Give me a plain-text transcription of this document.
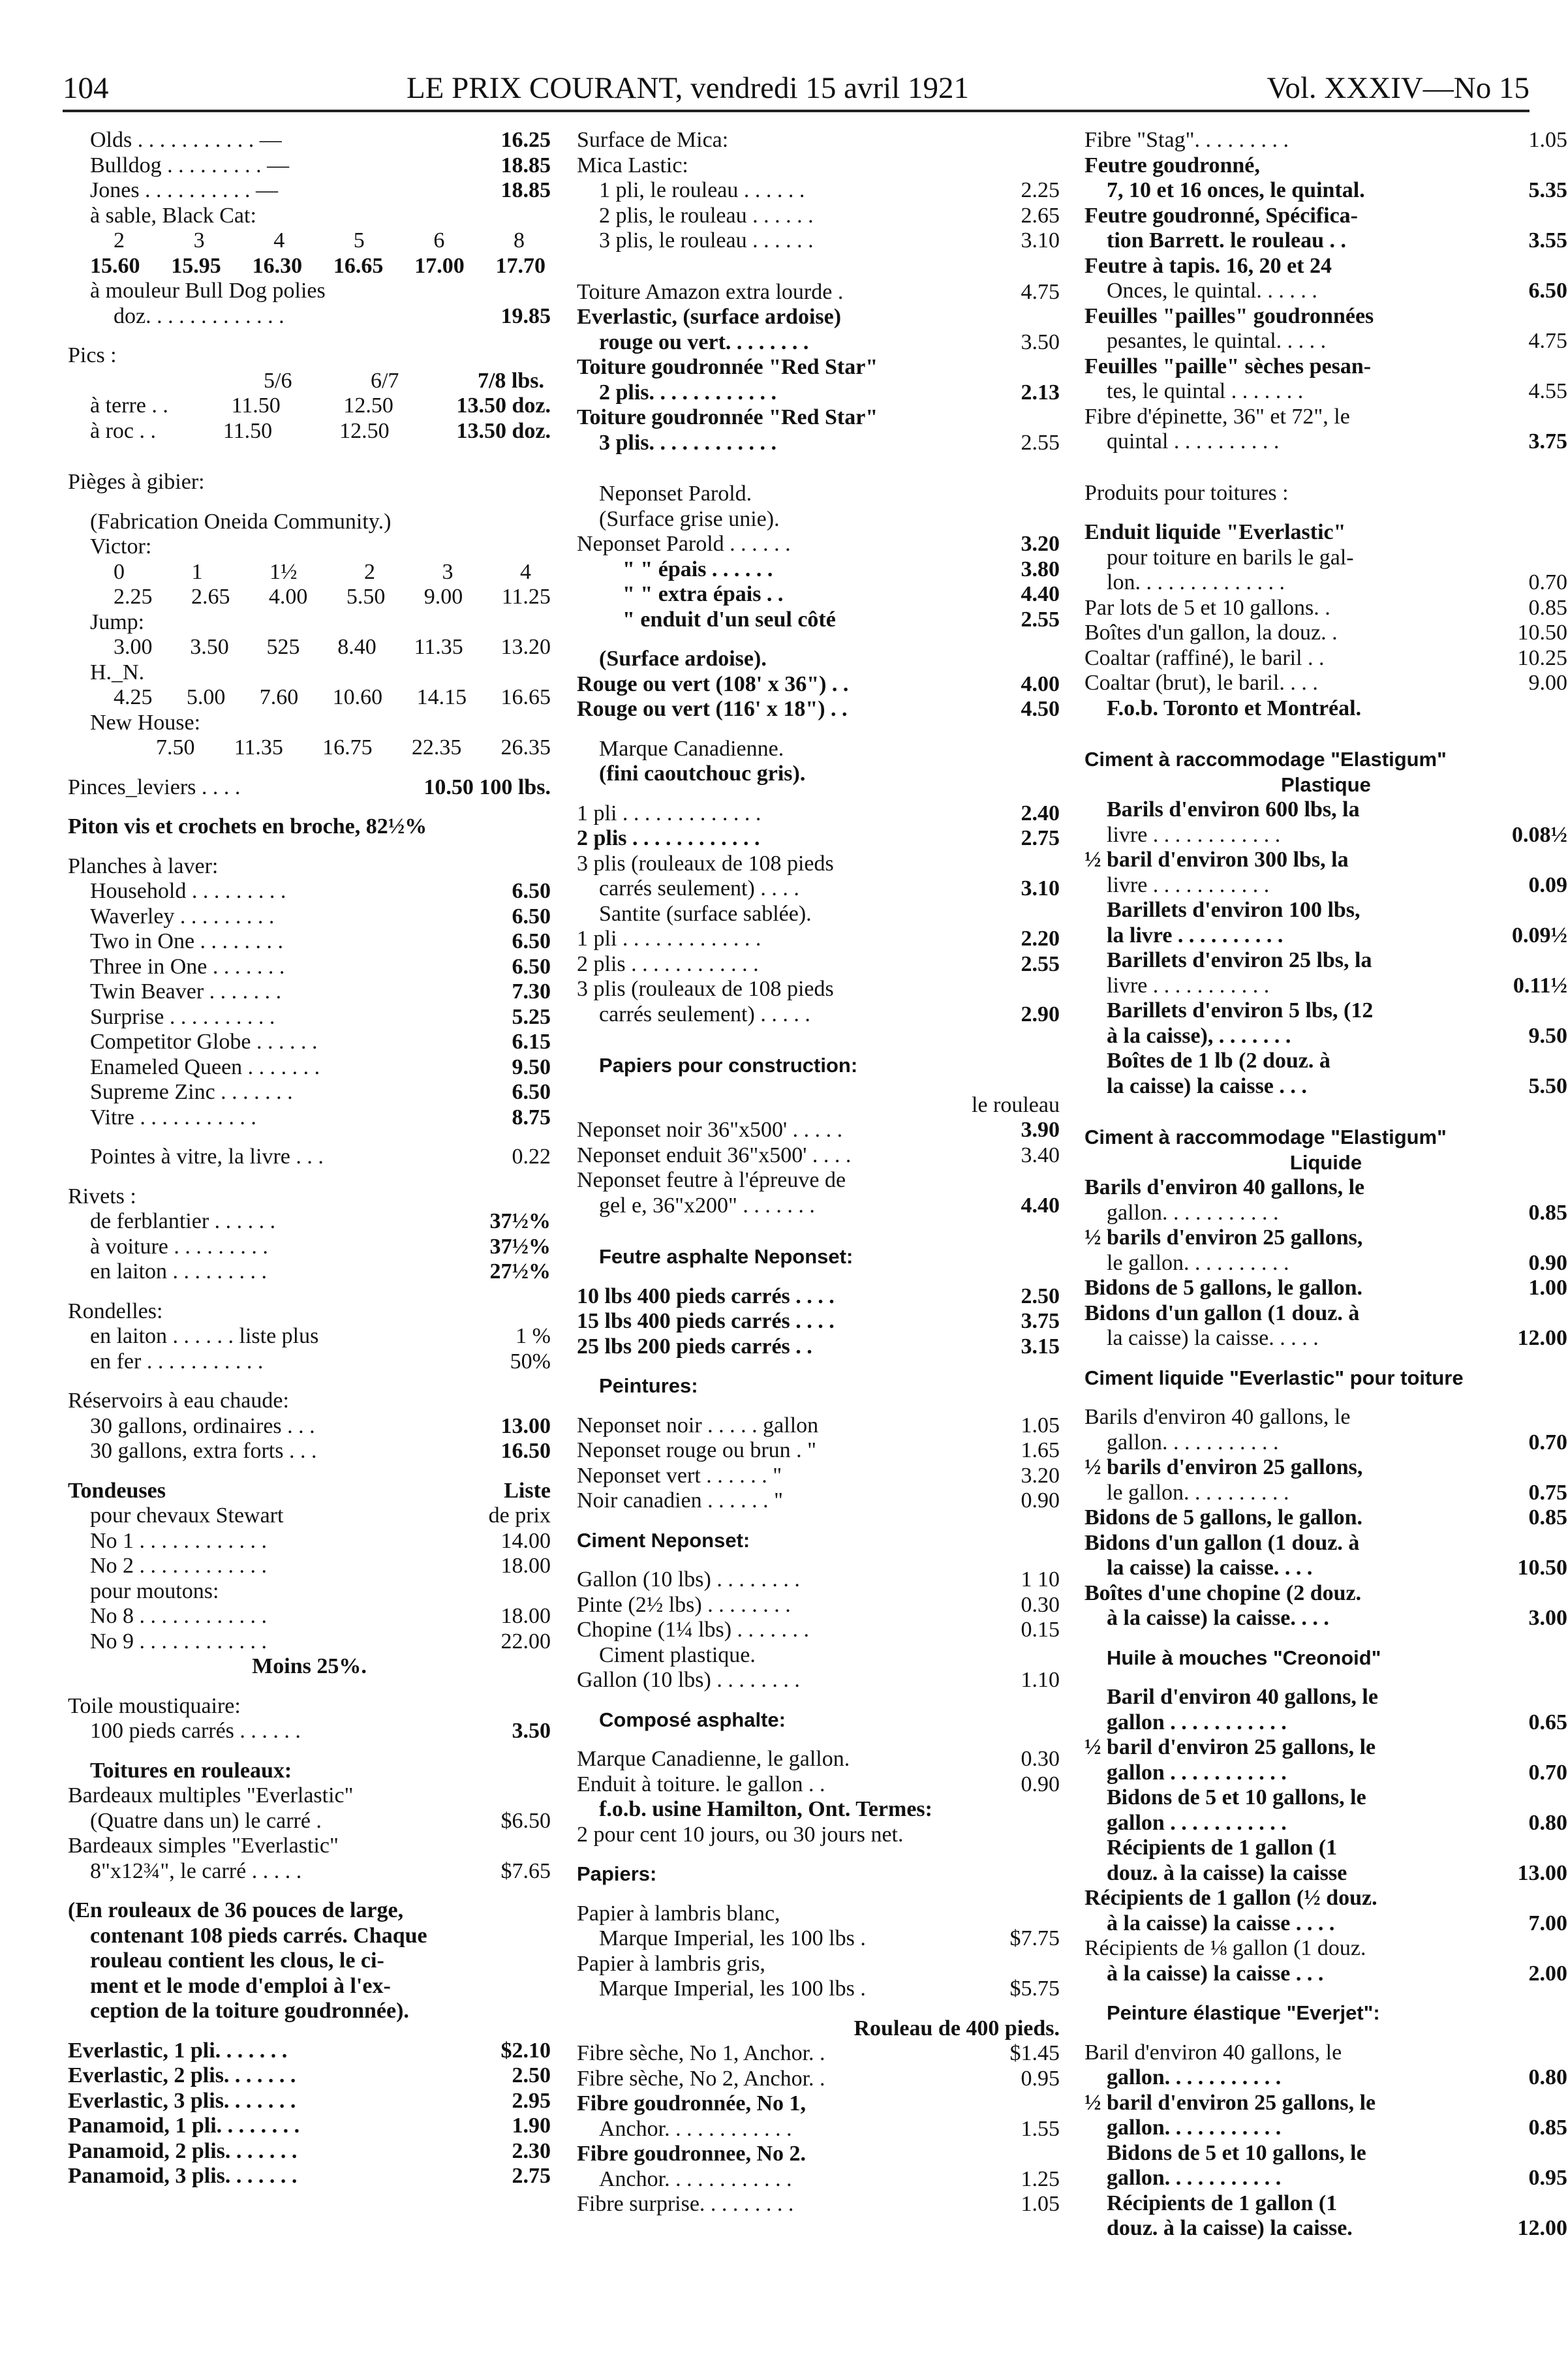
104	LE PRIX COURANT, vendredi 15 avril 1921	Vol. XXXIV—No 15
Olds . . . . . . . . . . . —	16.25
Bulldog . . . . . . . . . —	18.85
Jones . . . . . . . . . . —	18.85
à sable, Black Cat:
2	3	4	5	6	8
15.60 15.95 16.30 16.65 17.00 17.70
à mouleur Bull Dog polies
doz. . . . . . . . . . . . .	19.85
Pics :
5/6	6/7	7/8 lbs.
à terre . .	11.50	12.50	13.50 doz.
à roc . .	11.50	12.50	13.50 doz.
Pièges à gibier:
(Fabrication Oneida Community.)
Victor:
0	1	1½	2	3	4
2.25 2.65 4.00 5.50 9.00 11.25
Jump:
3.00 3.50 525 8.40 11.35 13.20
H._N.
4.25 5.00 7.60 10.60 14.15 16.65
New House:
7.50 11.35 16.75 22.35 26.35
Pinces_leviers . . . .	10.50 100 lbs.
Piton vis et crochets en broche, 82½%
Planches à laver:
Household . . . . . . . . .	6.50
Waverley . . . . . . . . .	6.50
Two in One . . . . . . . .	6.50
Three in One . . . . . . .	6.50
Twin Beaver . . . . . . .	7.30
Surprise . . . . . . . . . .	5.25
Competitor Globe . . . . . .	6.15
Enameled Queen . . . . . . .	9.50
Supreme Zinc . . . . . . .	6.50
Vitre . . . . . . . . . . .	8.75
Pointes à vitre, la livre . . .	0.22
Rivets :
de ferblantier . . . . . .	37½%
à voiture . . . . . . . . .	37½%
en laiton . . . . . . . . .	27½%
Rondelles:
en laiton . . . . . . liste plus	1 %
en fer . . . . . . . . . . .	50%
Réservoirs à eau chaude:
30 gallons, ordinaires . . .	13.00
30 gallons, extra forts . . .	16.50
Tondeuses	Liste
pour chevaux Stewart	de prix
No 1 . . . . . . . . . . . .	14.00
No 2 . . . . . . . . . . . .	18.00
pour moutons:
No 8 . . . . . . . . . . . .	18.00
No 9 . . . . . . . . . . . .	22.00
Moins 25%.
Toile moustiquaire:
100 pieds carrés . . . . . .	3.50
Toitures en rouleaux:
Bardeaux multiples "Everlastic"
(Quatre dans un) le carré .	$6.50
Bardeaux simples "Everlastic"
8"x12¾", le carré . . . . .	$7.65
(En rouleaux de 36 pouces de large,
contenant 108 pieds carrés. Chaque
rouleau contient les clous, le ci-
ment et le mode d'emploi à l'ex-
ception de la toiture goudronnée).
Everlastic, 1 pli. . . . . . .	$2.10
Everlastic, 2 plis. . . . . . .	2.50
Everlastic, 3 plis. . . . . . .	2.95
Panamoid, 1 pli. . . . . . . .	1.90
Panamoid, 2 plis. . . . . . .	2.30
Panamoid, 3 plis. . . . . . .	2.75
Surface de Mica:
Mica Lastic:
1 pli, le rouleau . . . . . .	2.25
2 plis, le rouleau . . . . . .	2.65
3 plis, le rouleau . . . . . .	3.10
Toiture Amazon extra lourde .	4.75
Everlastic, (surface ardoise)
rouge ou vert. . . . . . . .	3.50
Toiture goudronnée "Red Star"
2 plis. . . . . . . . . . . .	2.13
Toiture goudronnée "Red Star"
3 plis. . . . . . . . . . . .	2.55
Neponset Parold.
(Surface grise unie).
Neponset Parold . . . . . .	3.20
" " épais . . . . . .	3.80
" " extra épais . .	4.40
" enduit d'un seul côté	2.55
(Surface ardoise).
Rouge ou vert (108' x 36") . .	4.00
Rouge ou vert (116' x 18") . .	4.50
Marque Canadienne.
(fini caoutchouc gris).
1 pli . . . . . . . . . . . . .	2.40
2 plis . . . . . . . . . . . .	2.75
3 plis (rouleaux de 108 pieds
carrés seulement) . . . .	3.10
Santite (surface sablée).
1 pli . . . . . . . . . . . . .	2.20
2 plis . . . . . . . . . . . .	2.55
3 plis (rouleaux de 108 pieds
carrés seulement) . . . . .	2.90
Papiers pour construction:
le rouleau
Neponset noir 36"x500' . . . . .	3.90
Neponset enduit 36"x500' . . . .	3.40
Neponset feutre à l'épreuve de
gel e, 36"x200" . . . . . . .	4.40
Feutre asphalte Neponset:
10 lbs 400 pieds carrés . . . .	2.50
15 lbs 400 pieds carrés . . . .	3.75
25 lbs 200 pieds carrés . .	3.15
Peintures:
Neponset noir . . . . . gallon	1.05
Neponset rouge ou brun . "	1.65
Neponset vert . . . . . . "	3.20
Noir canadien . . . . . . "	0.90
Ciment Neponset:
Gallon (10 lbs) . . . . . . . .	1 10
Pinte (2½ lbs) . . . . . . . .	0.30
Chopine (1¼ lbs) . . . . . . .	0.15
Ciment plastique.
Gallon (10 lbs) . . . . . . . .	1.10
Composé asphalte:
Marque Canadienne, le gallon.	0.30
Enduit à toiture. le gallon . .	0.90
f.o.b. usine Hamilton, Ont. Termes:
2 pour cent 10 jours, ou 30 jours net.
Papiers:
Papier à lambris blanc,
Marque Imperial, les 100 lbs .	$7.75
Papier à lambris gris,
Marque Imperial, les 100 lbs .	$5.75
Rouleau de 400 pieds.
Fibre sèche, No 1, Anchor. .	$1.45
Fibre sèche, No 2, Anchor. .	0.95
Fibre goudronnée, No 1,
Anchor. . . . . . . . . . . .	1.55
Fibre goudronnee, No 2.
Anchor. . . . . . . . . . . .	1.25
Fibre surprise. . . . . . . . .	1.05
Fibre "Stag". . . . . . . . .	1.05
Feutre goudronné,
7, 10 et 16 onces, le quintal.	5.35
Feutre goudronné, Spécifica-
tion Barrett. le rouleau . .	3.55
Feutre à tapis. 16, 20 et 24
Onces, le quintal. . . . . .	6.50
Feuilles "pailles" goudronnées
pesantes, le quintal. . . . .	4.75
Feuilles "paille" sèches pesan-
tes, le quintal . . . . . . .	4.55
Fibre d'épinette, 36" et 72", le
quintal . . . . . . . . . .	3.75
Produits pour toitures :
Enduit liquide "Everlastic"
pour toiture en barils le gal-
lon. . . . . . . . . . . . . .	0.70
Par lots de 5 et 10 gallons. .	0.85
Boîtes d'un gallon, la douz. .	10.50
Coaltar (raffiné), le baril . .	10.25
Coaltar (brut), le baril. . . .	9.00
F.o.b. Toronto et Montréal.
Ciment à raccommodage "Elastigum"
Plastique
Barils d'environ 600 lbs, la
livre . . . . . . . . . . . .	0.08½
½ baril d'environ 300 lbs, la
livre . . . . . . . . . . .	0.09
Barillets d'environ 100 lbs,
la livre . . . . . . . . . .	0.09½
Barillets d'environ 25 lbs, la
livre . . . . . . . . . . .	0.11½
Barillets d'environ 5 lbs, (12
à la caisse), . . . . . . .	9.50
Boîtes de 1 lb (2 douz. à
la caisse) la caisse . . .	5.50
Ciment à raccommodage "Elastigum"
Liquide
Barils d'environ 40 gallons, le
gallon. . . . . . . . . . .	0.85
½ barils d'environ 25 gallons,
le gallon. . . . . . . . . .	0.90
Bidons de 5 gallons, le gallon.	1.00
Bidons d'un gallon (1 douz. à
la caisse) la caisse. . . . .	12.00
Ciment liquide "Everlastic" pour toiture
Barils d'environ 40 gallons, le
gallon. . . . . . . . . . .	0.70
½ barils d'environ 25 gallons,
le gallon. . . . . . . . . .	0.75
Bidons de 5 gallons, le gallon.	0.85
Bidons d'un gallon (1 douz. à
la caisse) la caisse. . . .	10.50
Boîtes d'une chopine (2 douz.
à la caisse) la caisse. . . .	3.00
Huile à mouches "Creonoid"
Baril d'environ 40 gallons, le
gallon . . . . . . . . . . .	0.65
½ baril d'environ 25 gallons, le
gallon . . . . . . . . . . .	0.70
Bidons de 5 et 10 gallons, le
gallon . . . . . . . . . . .	0.80
Récipients de 1 gallon (1
douz. à la caisse) la caisse	13.00
Récipients de 1 gallon (½ douz.
à la caisse) la caisse . . . .	7.00
Récipients de ⅛ gallon (1 douz.
à la caisse) la caisse . . .	2.00
Peinture élastique "Everjet":
Baril d'environ 40 gallons, le
gallon. . . . . . . . . . .	0.80
½ baril d'environ 25 gallons, le
gallon. . . . . . . . . . .	0.85
Bidons de 5 et 10 gallons, le
gallon. . . . . . . . . . .	0.95
Récipients de 1 gallon (1
douz. à la caisse) la caisse.	12.00
